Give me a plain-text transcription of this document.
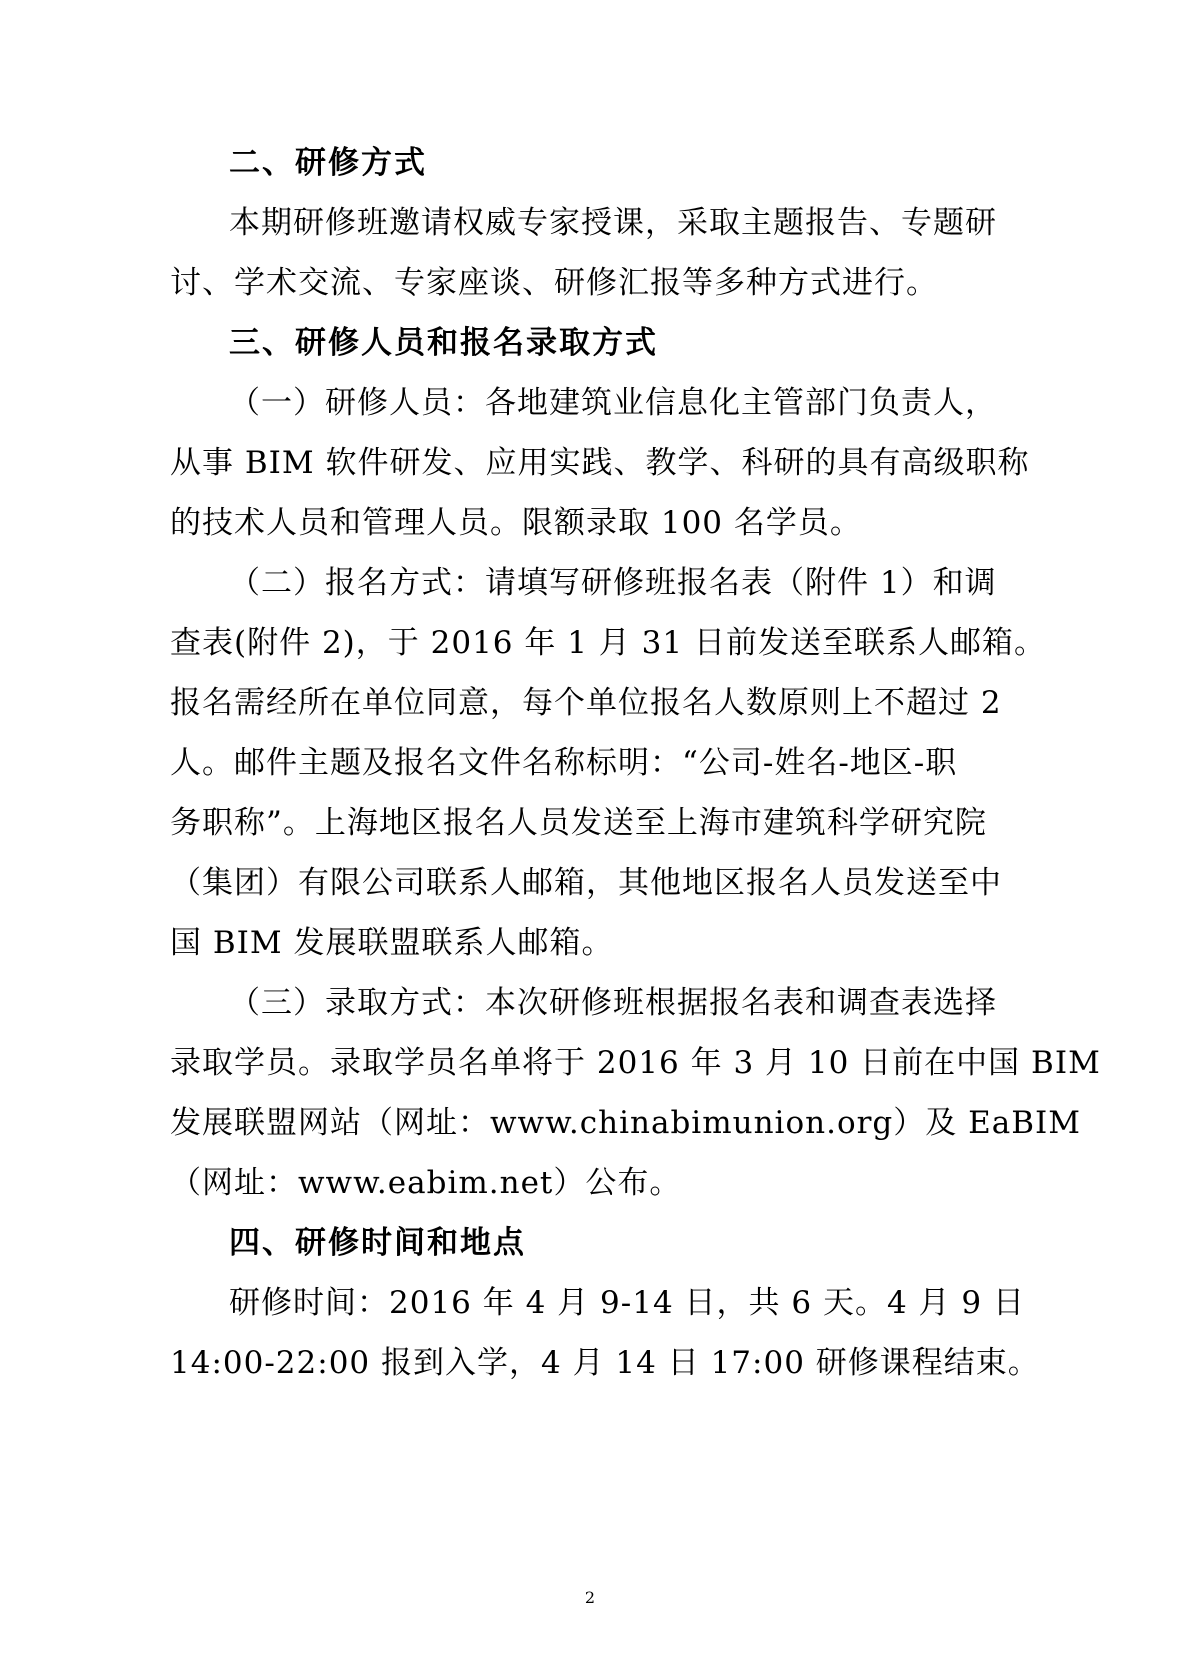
二、研修方式
本期研修班邀请权威专家授课，采取主题报告、专题研
讨、学术交流、专家座谈、研修汇报等多种方式进行。
三、研修人员和报名录取方式
（一）研修人员：各地建筑业信息化主管部门负责人，
从事 BIM 软件研发、应用实践、教学、科研的具有高级职称
的技术人员和管理人员。限额录取 100 名学员。
（二）报名方式：请填写研修班报名表（附件 1）和调
查表(附件 2)，于 2016 年 1 月 31 日前发送至联系人邮箱。
报名需经所在单位同意，每个单位报名人数原则上不超过 2
人。邮件主题及报名文件名称标明：“公司-姓名-地区-职
务职称”。上海地区报名人员发送至上海市建筑科学研究院
（集团）有限公司联系人邮箱，其他地区报名人员发送至中
国 BIM 发展联盟联系人邮箱。
（三）录取方式：本次研修班根据报名表和调查表选择
录取学员。录取学员名单将于 2016 年 3 月 10 日前在中国 BIM
发展联盟网站（网址：www.chinabimunion.org）及 EaBIM
（网址：www.eabim.net）公布。
四、研修时间和地点
研修时间：2016 年 4 月 9-14 日，共 6 天。4 月 9 日
14:00-22:00 报到入学，4 月 14 日 17:00 研修课程结束。
2
